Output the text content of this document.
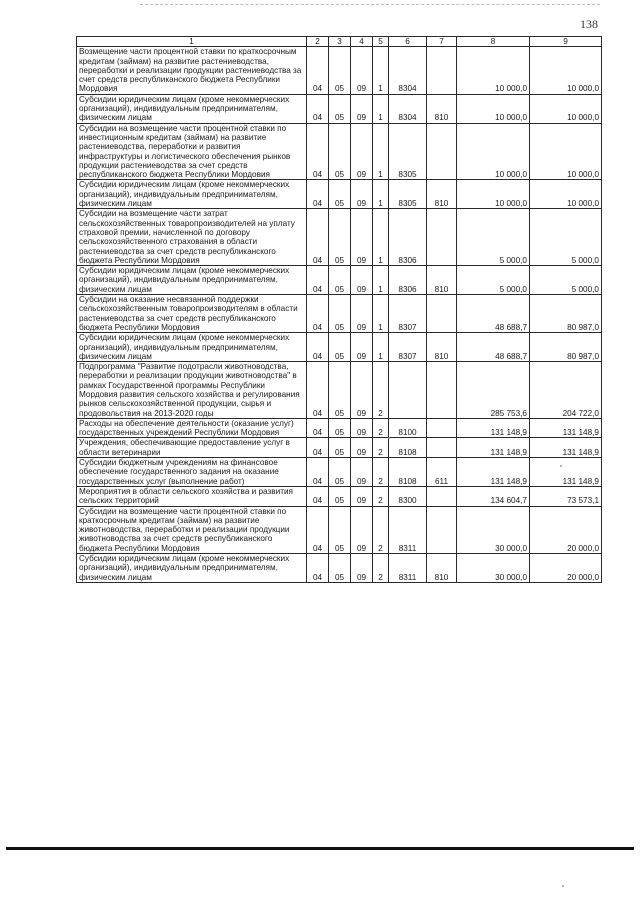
138
1	2	3	4	5	6	7	8	9
Возмещение части процентной ставки по краткосрочным кредитам (займам) на развитие растениеводства, переработки и реализации продукции растениеводства за счет средств республиканского бюджета Республики Мордовия	04	05	09	1	8304		10 000,0	10 000,0
Субсидии юридическим лицам (кроме некоммерческих организаций), индивидуальным предпринимателям, физическим лицам	04	05	09	1	8304	810	10 000,0	10 000,0
Субсидии на возмещение части процентной ставки по инвестиционным кредитам (займам) на развитие растениеводства, переработки и развития инфраструктуры и логистического обеспечения рынков продукции растениеводства за счет средств республиканского бюджета Республики Мордовия	04	05	09	1	8305		10 000,0	10 000,0
Субсидии юридическим лицам (кроме некоммерческих организаций), индивидуальным предпринимателям, физическим лицам	04	05	09	1	8305	810	10 000,0	10 000,0
Субсидии на возмещение части затрат сельскохозяйственных товаропроизводителей на уплату страховой премии, начисленной по договору сельскохозяйственного страхования в области растениеводства за счет средств республиканского бюджета Республики Мордовия	04	05	09	1	8306		5 000,0	5 000,0
Субсидии юридическим лицам (кроме некоммерческих организаций), индивидуальным предпринимателям, физическим лицам	04	05	09	1	8306	810	5 000,0	5 000,0
Субсидии на оказание несвязанной поддержки сельскохозяйственным товаропроизводителям в области растениеводства за счет средств республиканского бюджета Республики Мордовия	04	05	09	1	8307		48 688,7	80 987,0
Субсидии юридическим лицам (кроме некоммерческих организаций), индивидуальным предпринимателям, физическим лицам	04	05	09	1	8307	810	48 688,7	80 987,0
Подпрограмма "Развитие подотрасли животноводства, переработки и реализации продукции животноводства" в рамках Государственной программы Республики Мордовия развития сельского хозяйства и регулирования рынков сельскохозяйственной продукции, сырья и продовольствия на 2013-2020 годы	04	05	09	2			285 753,6	204 722,0
Расходы на обеспечение деятельности (оказание услуг) государственных учреждений Республики Мордовия	04	05	09	2	8100		131 148,9	131 148,9
Учреждения, обеспечивающие предоставление услуг в области ветеринарии	04	05	09	2	8108		131 148,9	131 148,9
Субсидии бюджетным учреждениям на финансовое обеспечение государственного задания на оказание государственных услуг (выполнение работ)	04	05	09	2	8108	611	131 148,9	131 148,9
Мероприятия в области сельского хозяйства и развития сельских территорий	04	05	09	2	8300		134 604,7	73 573,1
Субсидии на возмещение части процентной ставки по краткосрочным кредитам (займам) на развитие животноводства, переработки и реализации продукции животноводства за счет средств республиканского бюджета Республики Мордовия	04	05	09	2	8311		30 000,0	20 000,0
Субсидии юридическим лицам (кроме некоммерческих организаций), индивидуальным предпринимателям, физическим лицам	04	05	09	2	8311	810	30 000,0	20 000,0
